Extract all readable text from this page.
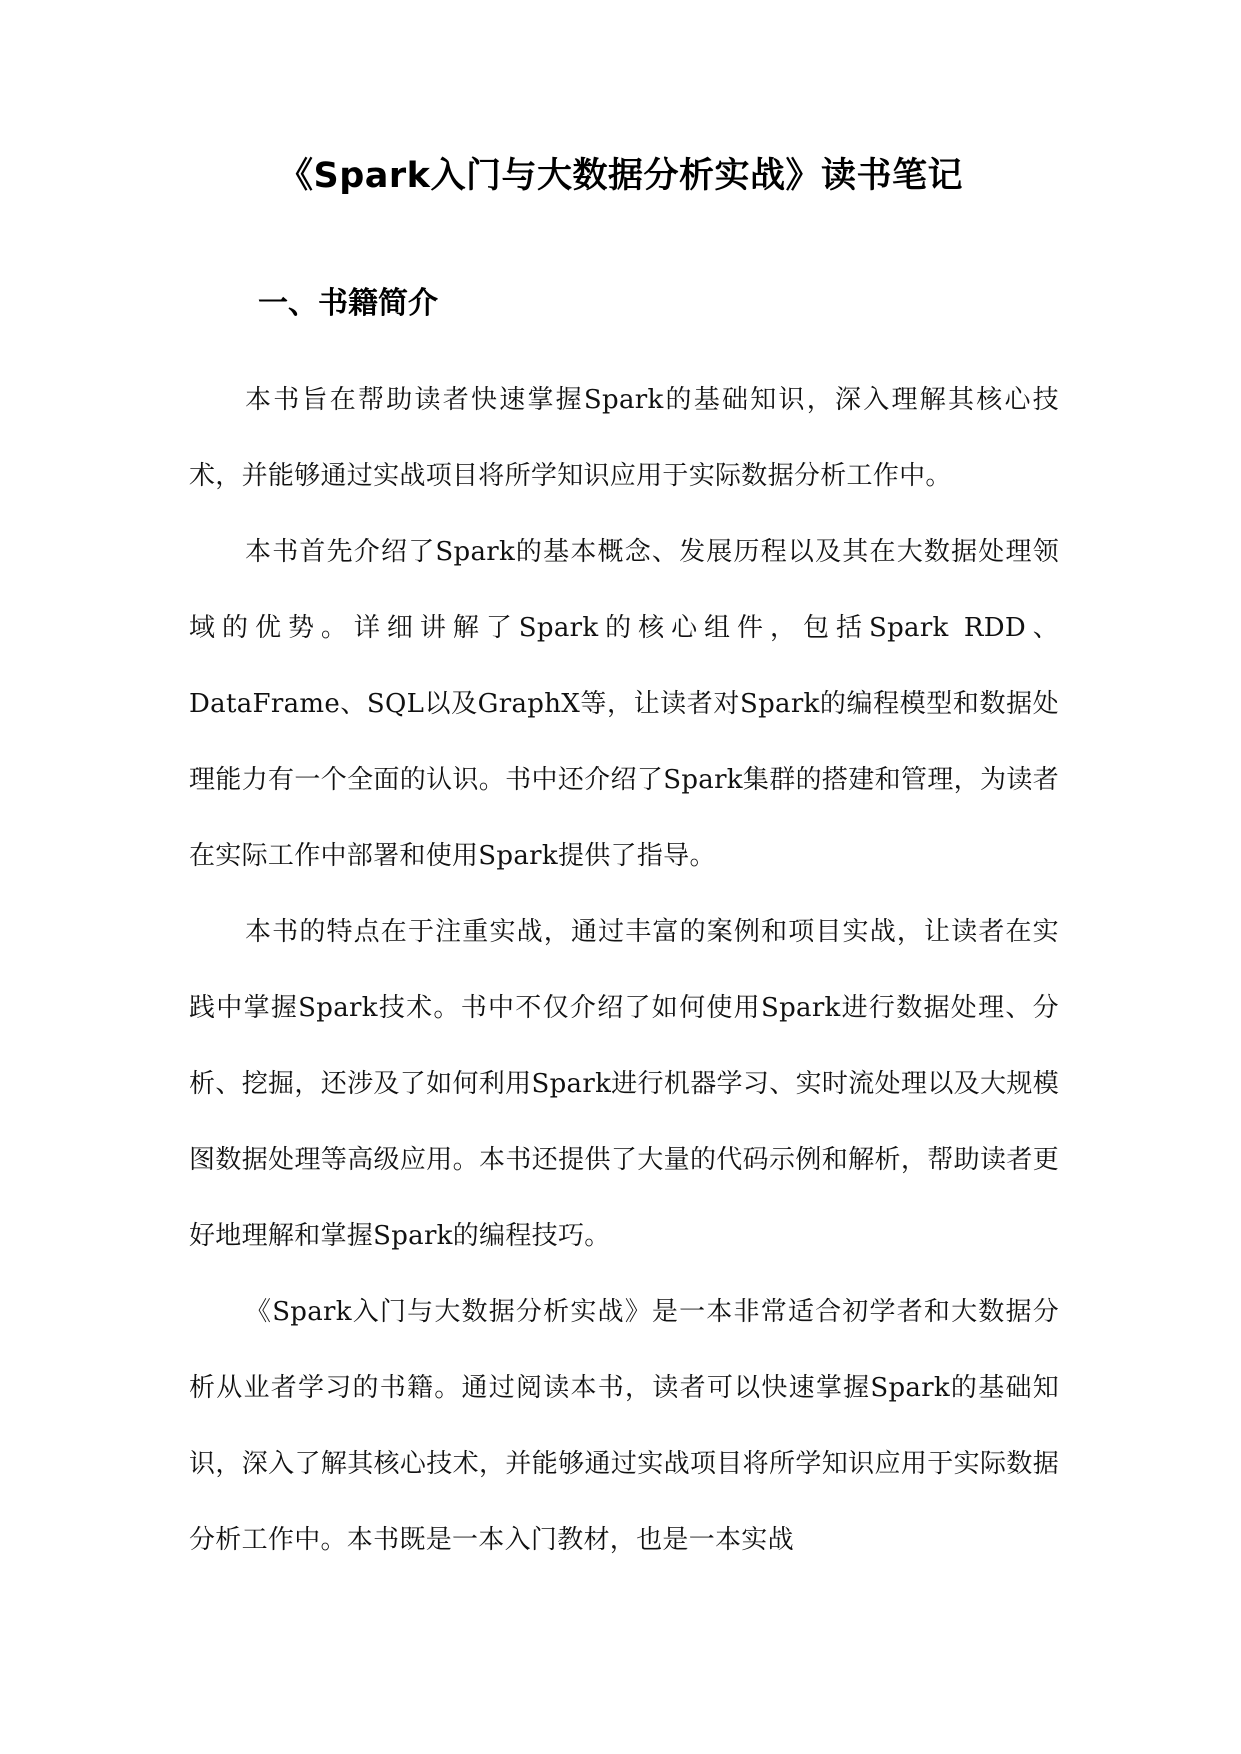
《Spark入门与大数据分析实战》读书笔记
一、书籍简介

本书旨在帮助读者快速掌握Spark的基础知识，深入理解其核心技术，并能够通过实战项目将所学知识应用于实际数据分析工作中。

本书首先介绍了Spark的基本概念、发展历程以及其在大数据处理领域的优势。详细讲解了Spark的核心组件，包括Spark RDD、DataFrame、SQL以及GraphX等，让读者对Spark的编程模型和数据处理能力有一个全面的认识。书中还介绍了Spark集群的搭建和管理，为读者在实际工作中部署和使用Spark提供了指导。

本书的特点在于注重实战，通过丰富的案例和项目实战，让读者在实践中掌握Spark技术。书中不仅介绍了如何使用Spark进行数据处理、分析、挖掘，还涉及了如何利用Spark进行机器学习、实时流处理以及大规模图数据处理等高级应用。本书还提供了大量的代码示例和解析，帮助读者更好地理解和掌握Spark的编程技巧。

《Spark入门与大数据分析实战》是一本非常适合初学者和大数据分析从业者学习的书籍。通过阅读本书，读者可以快速掌握Spark的基础知识，深入了解其核心技术，并能够通过实战项目将所学知识应用于实际数据分析工作中。本书既是一本入门教材，也是一本实战
